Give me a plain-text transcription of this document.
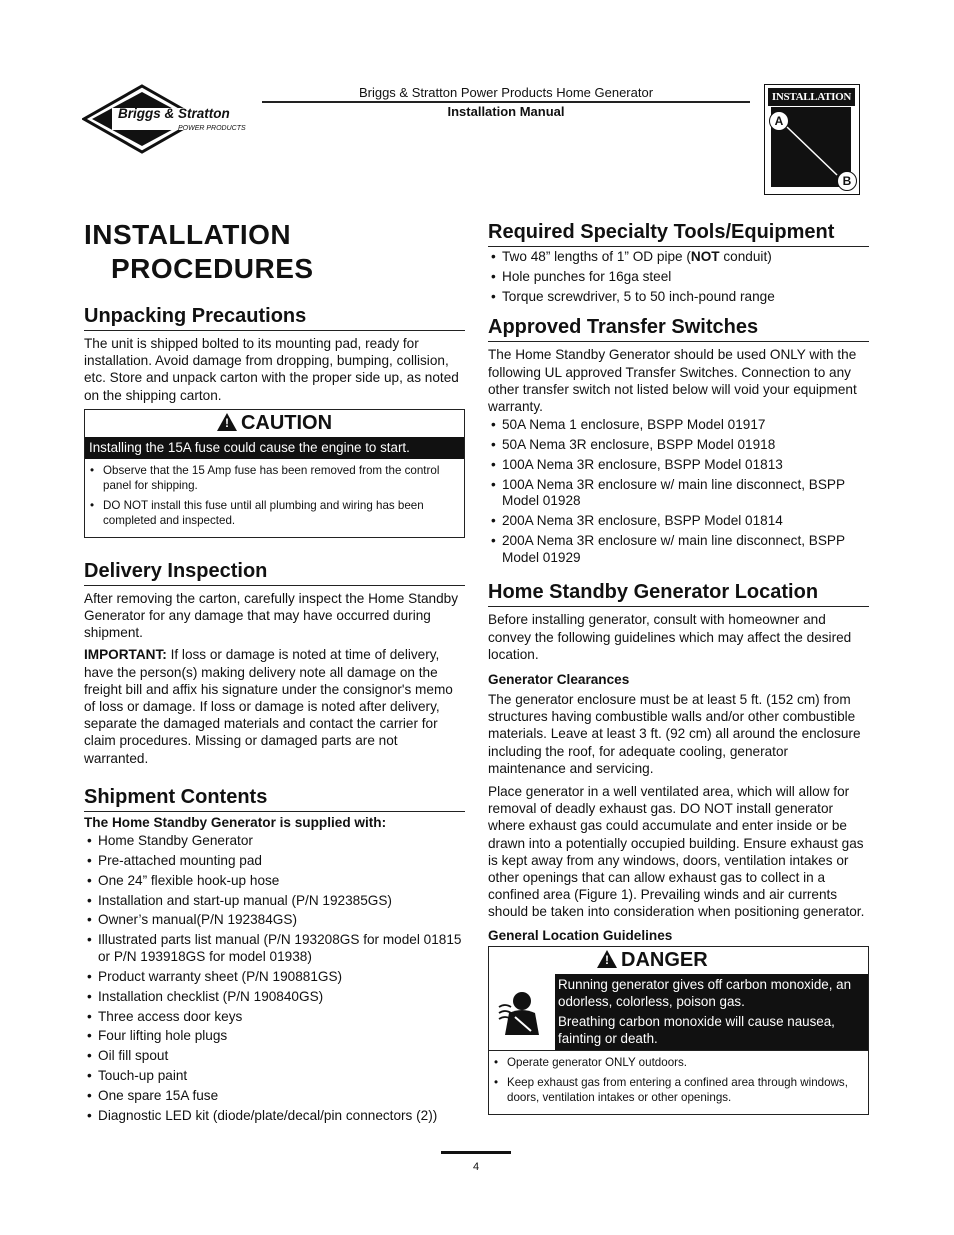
Briggs & Stratton
POWER PRODUCTS
Briggs & Stratton Power Products Home Generator
Installation Manual
INSTALLATION
A
B
INSTALLATION
PROCEDURES
Unpacking Precautions

The unit is shipped bolted to its mounting pad, ready for installation. Avoid damage from dropping, bumping, collision, etc. Store and unpack carton with the proper side up, as noted on the shipping carton.

! CAUTION
Installing the 15A fuse could cause the engine to start.
• Observe that the 15 Amp fuse has been removed from the control panel for shipping.
• DO NOT install this fuse until all plumbing and wiring has been completed and inspected.
Delivery Inspection

After removing the carton, carefully inspect the Home Standby Generator for any damage that may have occurred during shipment.

IMPORTANT: If loss or damage is noted at time of delivery, have the person(s) making delivery note all damage on the freight bill and affix his signature under the consignor's memo of loss or damage. If loss or damage is noted after delivery, separate the damaged materials and contact the carrier for claim procedures. Missing or damaged parts are not warranted.

Shipment Contents

The Home Standby Generator is supplied with:

• Home Standby Generator
• Pre-attached mounting pad
• One 24” flexible hook-up hose
• Installation and start-up manual (P/N 192385GS)
• Owner’s manual(P/N 192384GS)
• Illustrated parts list manual (P/N 193208GS for model 01815 or P/N 193918GS for model 01938)
• Product warranty sheet (P/N 190881GS)
• Installation checklist (P/N 190840GS)
• Three access door keys
• Four lifting hole plugs
• Oil fill spout
• Touch-up paint
• One spare 15A fuse
• Diagnostic LED kit (diode/plate/decal/pin connectors (2))
Required Specialty Tools/Equipment
• Two 48” lengths of 1” OD pipe (NOT conduit)
• Hole punches for 16ga steel
• Torque screwdriver, 5 to 50 inch-pound range
Approved Transfer Switches

The Home Standby Generator should be used ONLY with the following UL approved Transfer Switches. Connection to any other transfer switch not listed below will void your equipment warranty.

• 50A Nema 1 enclosure, BSPP Model 01917
• 50A Nema 3R enclosure, BSPP Model 01918
• 100A Nema 3R enclosure, BSPP Model 01813
• 100A Nema 3R enclosure w/ main line disconnect, BSPP Model 01928
• 200A Nema 3R enclosure, BSPP Model 01814
• 200A Nema 3R enclosure w/ main line disconnect, BSPP Model 01929
Home Standby Generator Location

Before installing generator, consult with homeowner and convey the following guidelines which may affect the desired location.

Generator Clearances

The generator enclosure must be at least 5 ft. (152 cm) from structures having combustible walls and/or other combustible materials. Leave at least 3 ft. (92 cm) all around the enclosure including the roof, for adequate cooling, generator maintenance and servicing.

Place generator in a well ventilated area, which will allow for removal of deadly exhaust gas. DO NOT install generator where exhaust gas could accumulate and enter inside or be drawn into a potentially occupied building. Ensure exhaust gas is kept away from any windows, doors, ventilation intakes or other openings that can allow exhaust gas to collect in a confined area (Figure 1). Prevailing winds and air currents should be taken into consideration when positioning generator.

General Location Guidelines

! DANGER
Running generator gives off carbon monoxide, an odorless, colorless, poison gas.
Breathing carbon monoxide will cause nausea, fainting or death.
• Operate generator ONLY outdoors.
• Keep exhaust gas from entering a confined area through windows, doors, ventilation intakes or other openings.
4
